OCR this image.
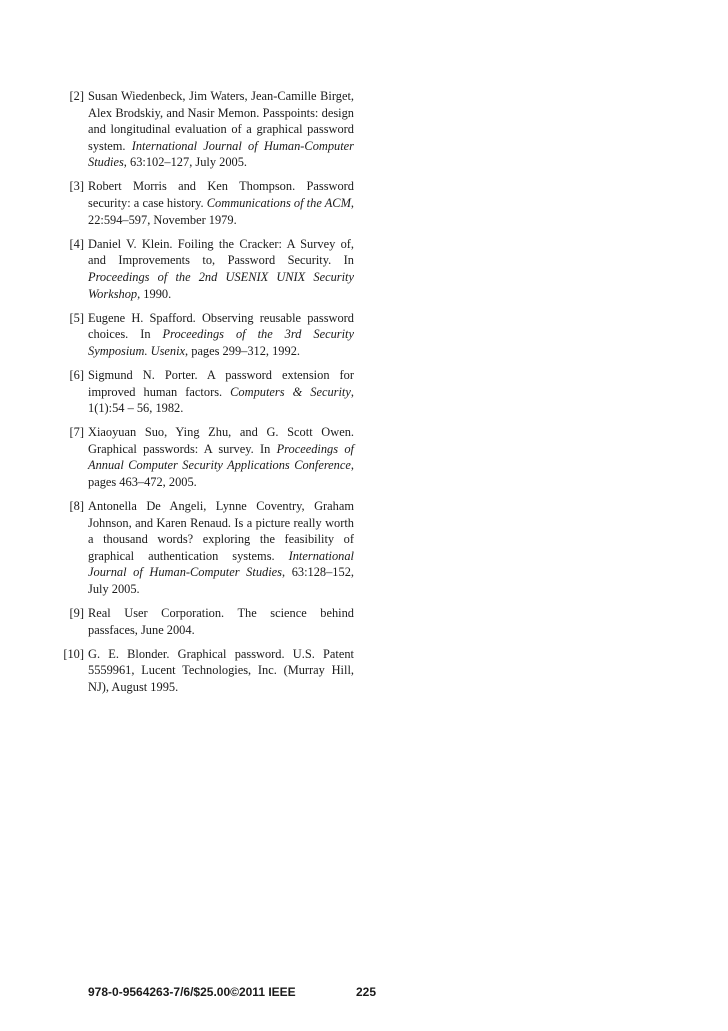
[2] Susan Wiedenbeck, Jim Waters, Jean-Camille Birget, Alex Brodskiy, and Nasir Memon. Passpoints: design and longitudinal evaluation of a graphical password system. International Journal of Human-Computer Studies, 63:102–127, July 2005.
[3] Robert Morris and Ken Thompson. Password security: a case history. Communications of the ACM, 22:594–597, November 1979.
[4] Daniel V. Klein. Foiling the Cracker: A Survey of, and Improvements to, Password Security. In Proceedings of the 2nd USENIX UNIX Security Workshop, 1990.
[5] Eugene H. Spafford. Observing reusable password choices. In Proceedings of the 3rd Security Symposium. Usenix, pages 299–312, 1992.
[6] Sigmund N. Porter. A password extension for improved human factors. Computers & Security, 1(1):54 – 56, 1982.
[7] Xiaoyuan Suo, Ying Zhu, and G. Scott Owen. Graphical passwords: A survey. In Proceedings of Annual Computer Security Applications Conference, pages 463–472, 2005.
[8] Antonella De Angeli, Lynne Coventry, Graham Johnson, and Karen Renaud. Is a picture really worth a thousand words? exploring the feasibility of graphical authentication systems. International Journal of Human-Computer Studies, 63:128–152, July 2005.
[9] Real User Corporation. The science behind passfaces, June 2004.
[10] G. E. Blonder. Graphical password. U.S. Patent 5559961, Lucent Technologies, Inc. (Murray Hill, NJ), August 1995.
978-0-9564263-7/6/$25.00©2011 IEEE	225
